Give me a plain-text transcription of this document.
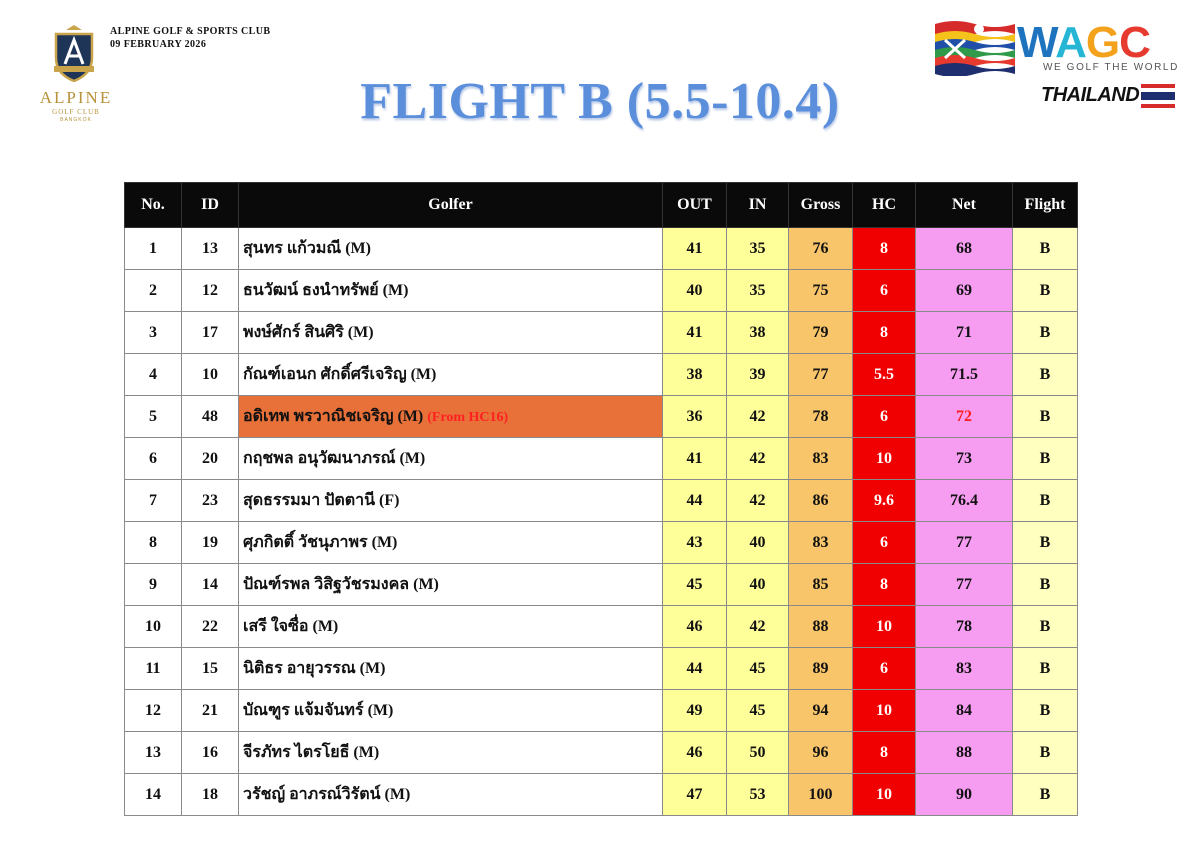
ALPINE
GOLF CLUB
BANGKOK
ALPINE GOLF & SPORTS CLUB
09 FEBRUARY 2026
FLIGHT B (5.5-10.4)
WAGC
WE GOLF THE WORLD
THAILAND
No.	ID	Golfer	OUT	IN	Gross	HC	Net	Flight
1	13	สุนทร แก้วมณี (M)	41	35	76	8	68	B
2	12	ธนวัฒน์ ธงนำทรัพย์ (M)	40	35	75	6	69	B
3	17	พงษ์ศักร์ สินศิริ (M)	41	38	79	8	71	B
4	10	กัณฑ์เอนก ศักดิ์ศรีเจริญ (M)	38	39	77	5.5	71.5	B
5	48	อดิเทพ พรวาณิชเจริญ (M) (From HC16)	36	42	78	6	72	B
6	20	กฤชพล อนุวัฒนาภรณ์ (M)	41	42	83	10	73	B
7	23	สุดธรรมมา ปัตตานี (F)	44	42	86	9.6	76.4	B
8	19	ศุภกิตติ์ วัชนุภาพร (M)	43	40	83	6	77	B
9	14	ปัณฑ์รพล วิสิฐวัชรมงคล (M)	45	40	85	8	77	B
10	22	เสรี ใจซื่อ (M)	46	42	88	10	78	B
11	15	นิติธร อายุวรรณ (M)	44	45	89	6	83	B
12	21	บัณฑูร แจ้มจันทร์ (M)	49	45	94	10	84	B
13	16	จีรภัทร ไตรโยธี (M)	46	50	96	8	88	B
14	18	วรัชญ์ อาภรณ์วิรัตน์ (M)	47	53	100	10	90	B
